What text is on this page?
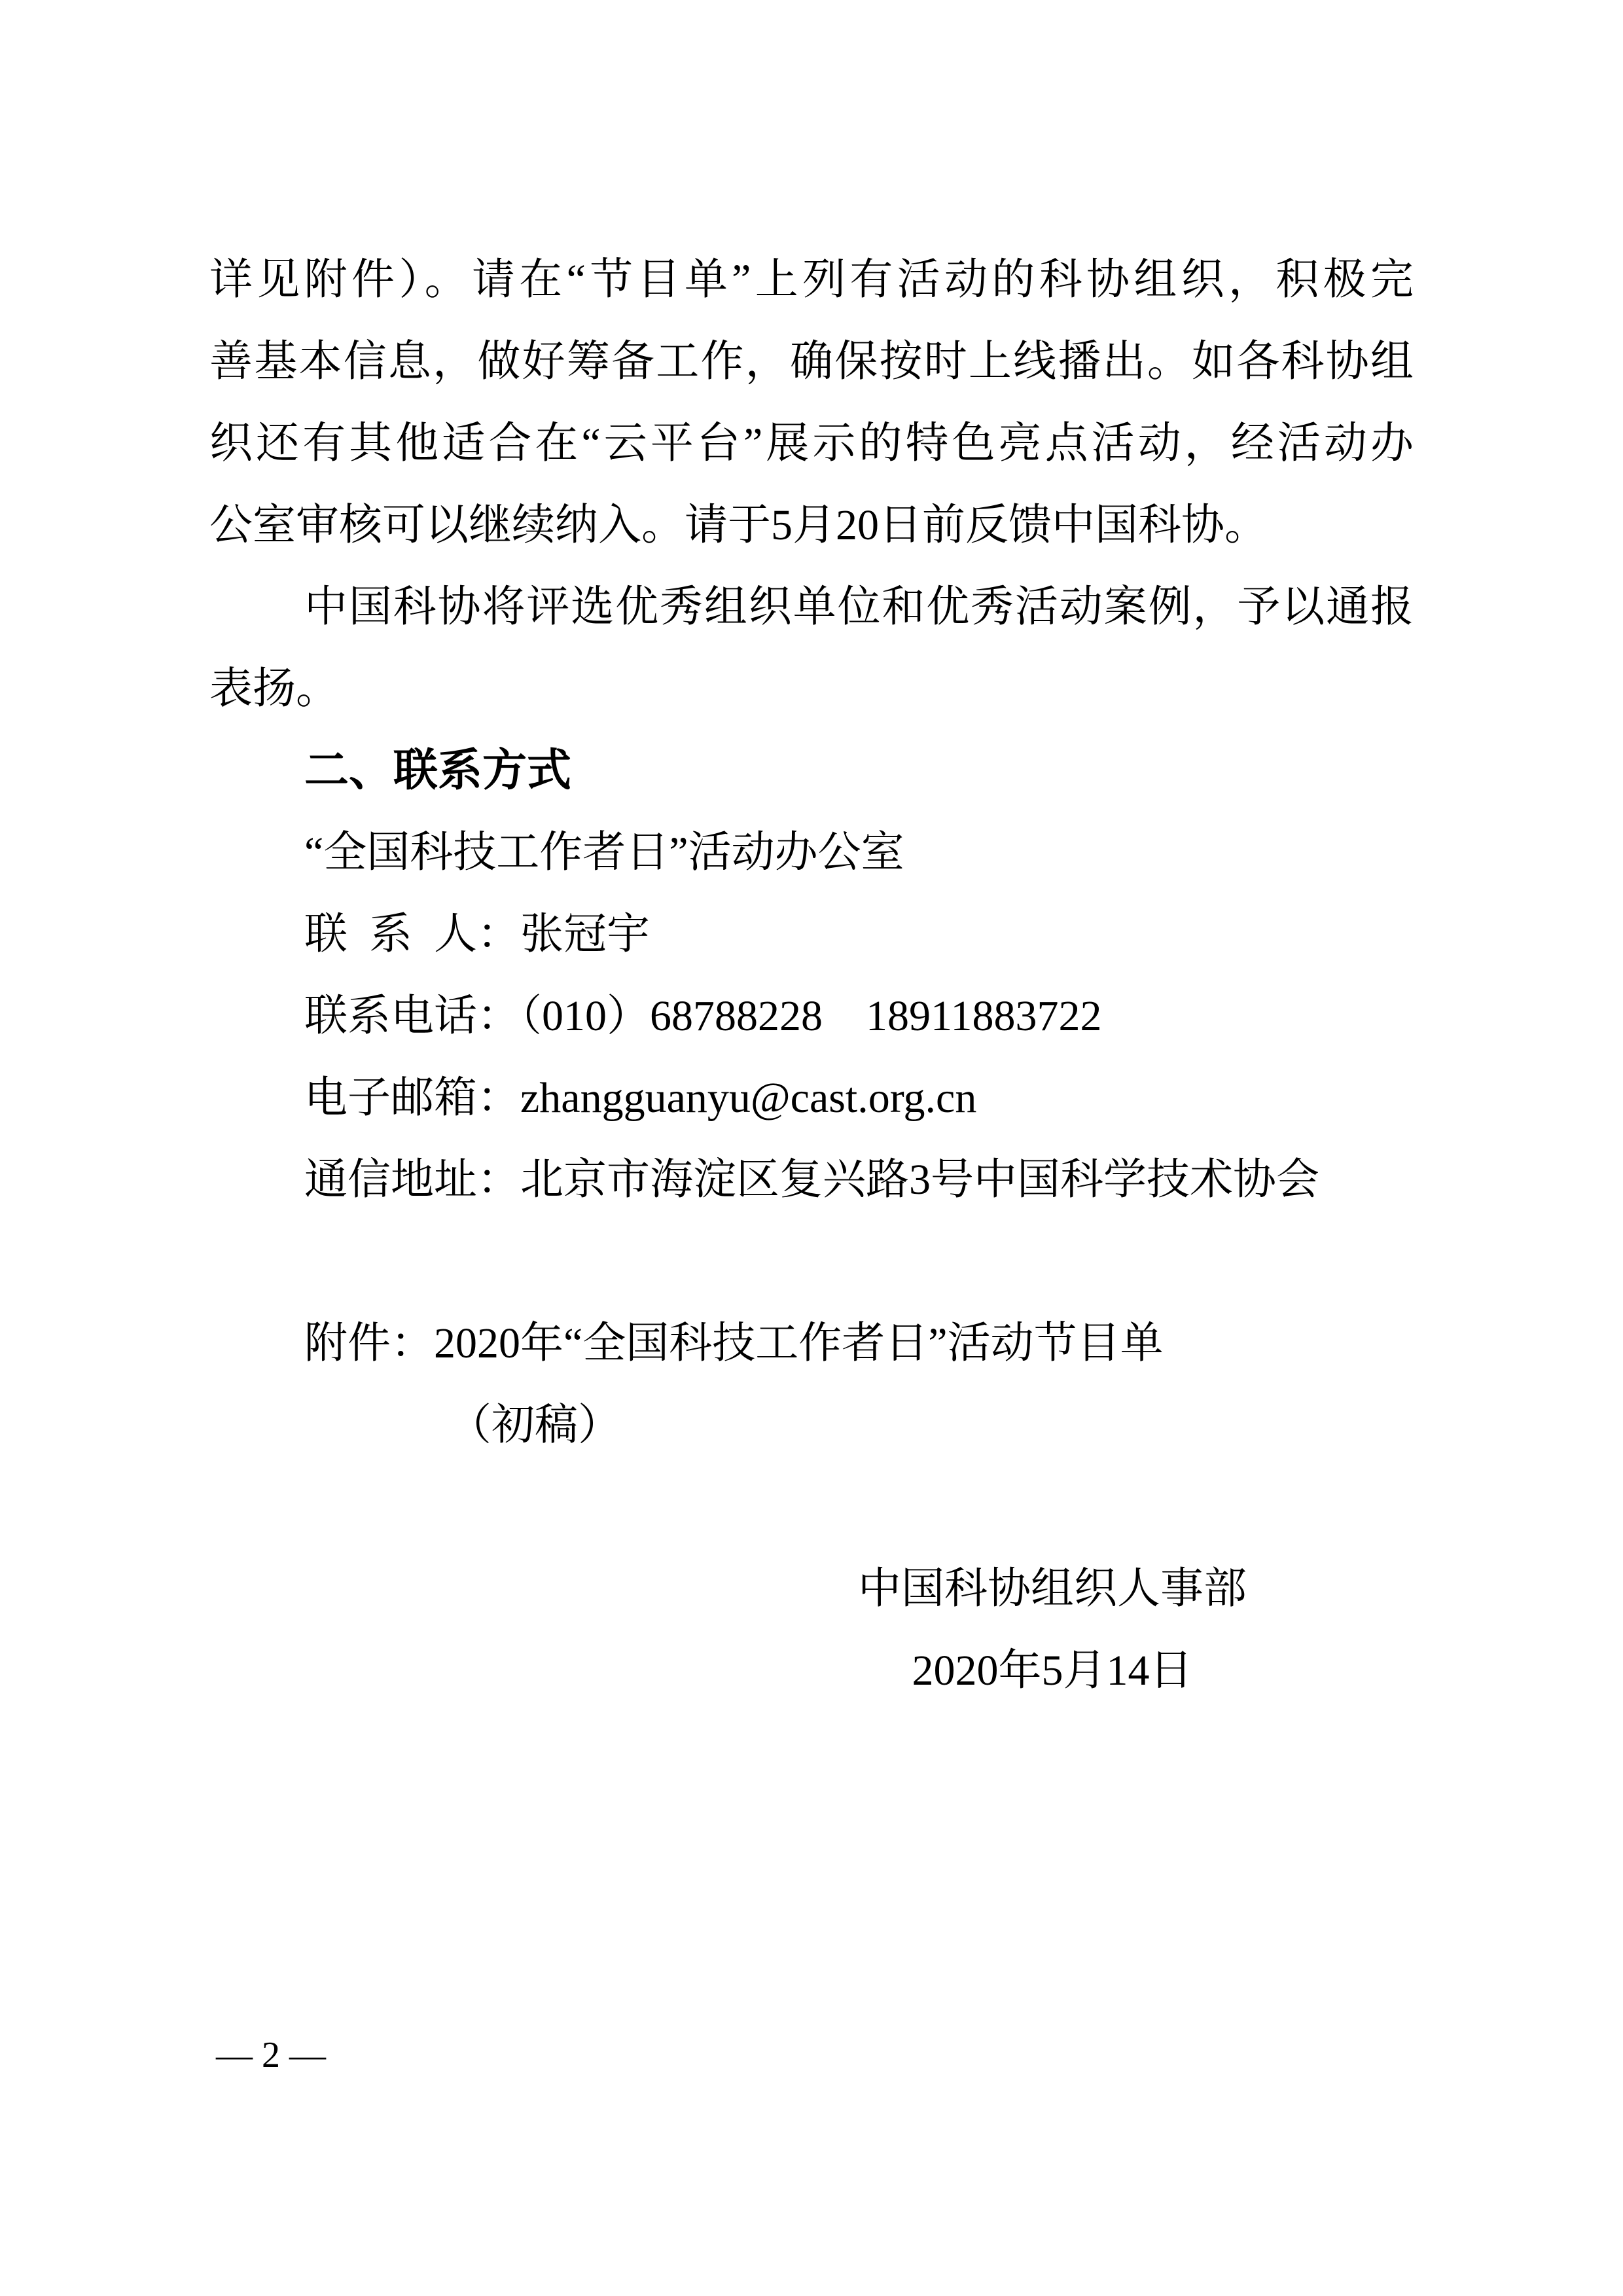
详见附件）。请在“节目单”上列有活动的科协组织，积极完
善基本信息，做好筹备工作，确保按时上线播出。如各科协组
织还有其他适合在“云平台”展示的特色亮点活动，经活动办
公室审核可以继续纳入。请于5月20日前反馈中国科协。
中国科协将评选优秀组织单位和优秀活动案例，予以通报
表扬。
二、联系方式
“全国科技工作者日”活动办公室
联 系 人：张冠宇
联系电话：（010）68788228　18911883722
电子邮箱：zhangguanyu@cast.org.cn
通信地址：北京市海淀区复兴路3号中国科学技术协会
附件：2020年“全国科技工作者日”活动节目单
（初稿）
中国科协组织人事部
2020年5月14日
— 2 —
